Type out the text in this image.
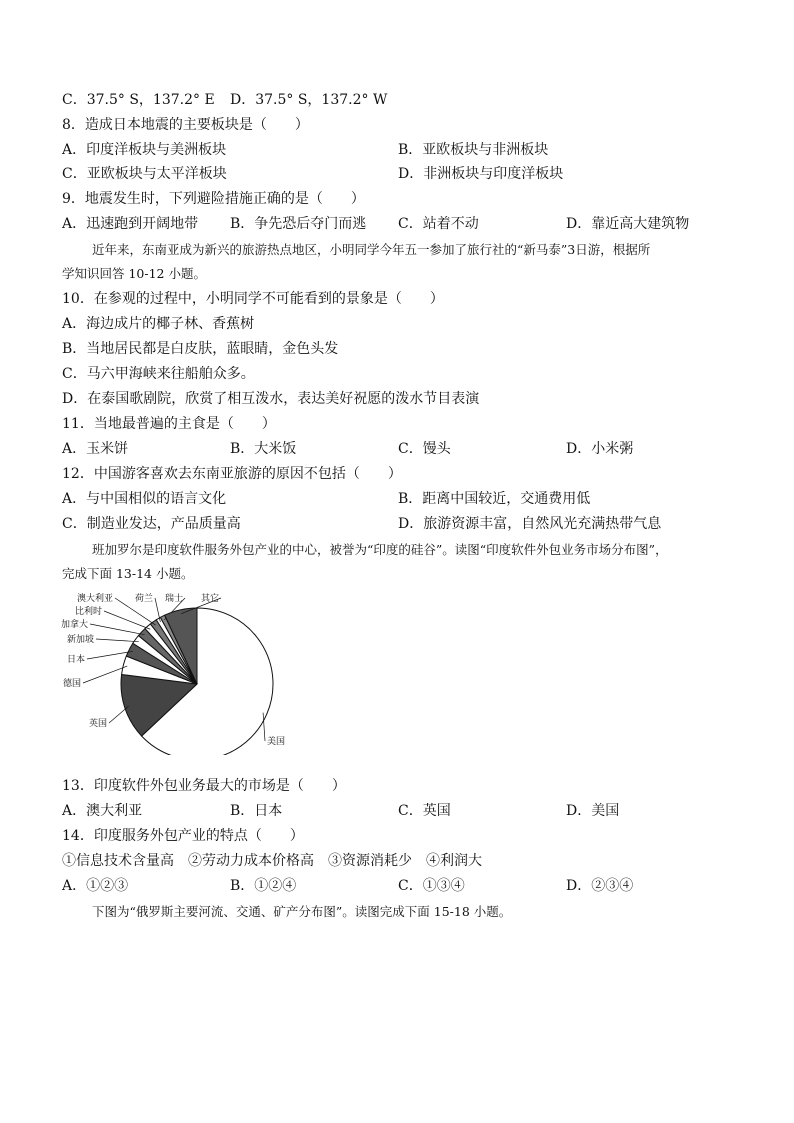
C．37.5° S，137.2° E D．37.5° S，137.2° W
8．造成日本地震的主要板块是（　　）
A．印度洋板块与美洲板块	B．亚欧板块与非洲板块
C．亚欧板块与太平洋板块	D．非洲板块与印度洋板块
9．地震发生时，下列避险措施正确的是（　　）
A．迅速跑到开阔地带 B．争先恐后夺门而逃 C．站着不动	D．靠近高大建筑物
近年来，东南亚成为新兴的旅游热点地区，小明同学今年五一参加了旅行社的“新马泰”3日游，根据所
学知识回答 10-12 小题。
10．在参观的过程中，小明同学不可能看到的景象是（　　）
A．海边成片的椰子林、香蕉树
B．当地居民都是白皮肤，蓝眼睛，金色头发
C．马六甲海峡来往船舶众多。
D．在泰国歌剧院，欣赏了相互泼水，表达美好祝愿的泼水节目表演
11．当地最普遍的主食是（　　）
A．玉米饼	B．大米饭	C．馒头	D．小米粥
12．中国游客喜欢去东南亚旅游的原因不包括（　　）
A．与中国相似的语言文化	B．距离中国较近，交通费用低
C．制造业发达，产品质量高	D．旅游资源丰富，自然风光充满热带气息
班加罗尔是印度软件服务外包产业的中心，被誉为“印度的硅谷”。读图“印度软件外包业务市场分布图”，
完成下面 13-14 小题。
美国
英国
德国
日本
新加坡
加拿大
比利时
澳大利亚 荷兰 瑞士 其它
13．印度软件外包业务最大的市场是（　　）
A．澳大利亚	B．日本	C．英国	D．美国
14．印度服务外包产业的特点（　　）
①信息技术含量高　②劳动力成本价格高　③资源消耗少　④利润大
A．①②③	B．①②④	C．①③④	D．②③④
下图为“俄罗斯主要河流、交通、矿产分布图”。读图完成下面 15-18 小题。
